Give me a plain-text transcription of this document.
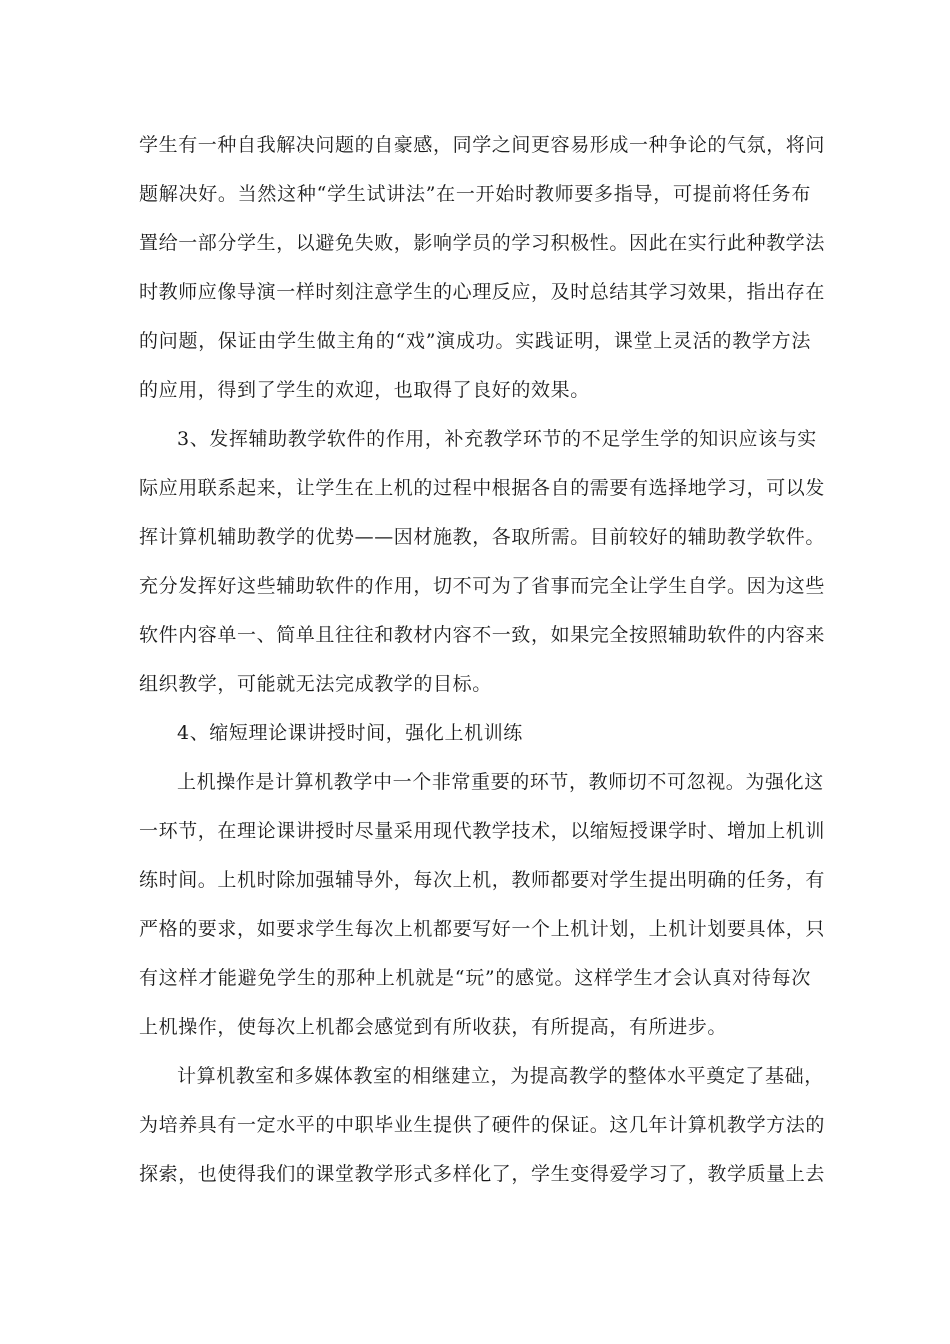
学生有一种自我解决问题的自豪感，同学之间更容易形成一种争论的气氛，将问
题解决好。当然这种“学生试讲法”在一开始时教师要多指导，可提前将任务布
置给一部分学生，以避免失败，影响学员的学习积极性。因此在实行此种教学法
时教师应像导演一样时刻注意学生的心理反应，及时总结其学习效果，指出存在
的问题，保证由学生做主角的“戏”演成功。实践证明，课堂上灵活的教学方法
的应用，得到了学生的欢迎，也取得了良好的效果。
3、发挥辅助教学软件的作用，补充教学环节的不足学生学的知识应该与实
际应用联系起来，让学生在上机的过程中根据各自的需要有选择地学习，可以发
挥计算机辅助教学的优势——因材施教，各取所需。目前较好的辅助教学软件。
充分发挥好这些辅助软件的作用，切不可为了省事而完全让学生自学。因为这些
软件内容单一、简单且往往和教材内容不一致，如果完全按照辅助软件的内容来
组织教学，可能就无法完成教学的目标。
4、缩短理论课讲授时间，强化上机训练
上机操作是计算机教学中一个非常重要的环节，教师切不可忽视。为强化这
一环节，在理论课讲授时尽量采用现代教学技术，以缩短授课学时、增加上机训
练时间。上机时除加强辅导外，每次上机，教师都要对学生提出明确的任务，有
严格的要求，如要求学生每次上机都要写好一个上机计划，上机计划要具体，只
有这样才能避免学生的那种上机就是“玩”的感觉。这样学生才会认真对待每次
上机操作，使每次上机都会感觉到有所收获，有所提高，有所进步。
计算机教室和多媒体教室的相继建立，为提高教学的整体水平奠定了基础，
为培养具有一定水平的中职毕业生提供了硬件的保证。这几年计算机教学方法的
探索，也使得我们的课堂教学形式多样化了，学生变得爱学习了，教学质量上去
